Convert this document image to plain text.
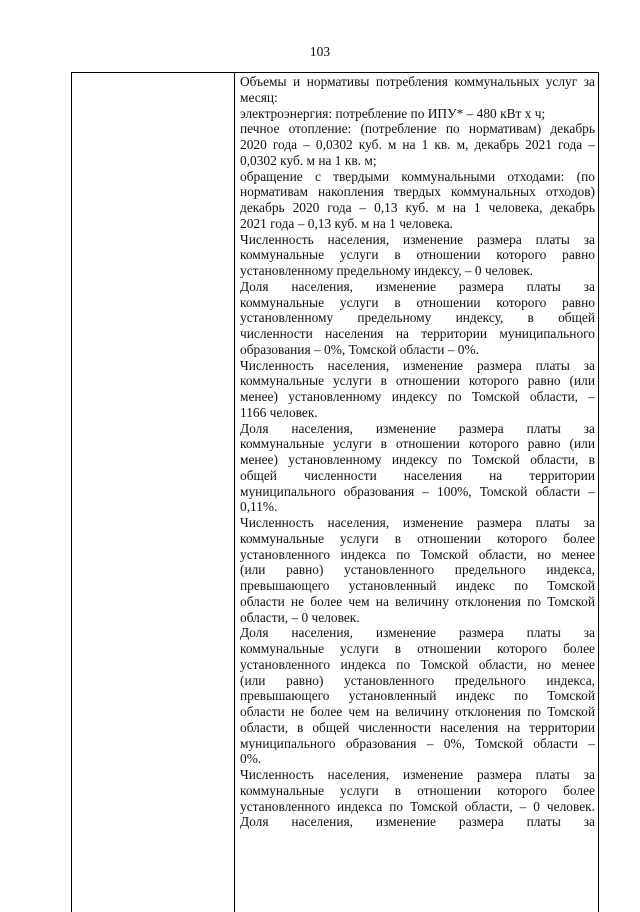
103
Объемы и нормативы потребления коммунальных услуг за
месяц:
электроэнергия: потребление по ИПУ* – 480 кВт х ч;
печное отопление: (потребление по нормативам) декабрь
2020 года – 0,0302 куб. м на 1 кв. м, декабрь 2021 года –
0,0302 куб. м на 1 кв. м;
обращение с твердыми коммунальными отходами: (по
нормативам накопления твердых коммунальных отходов)
декабрь 2020 года – 0,13 куб. м на 1 человека, декабрь
2021 года – 0,13 куб. м на 1 человека.
Численность населения, изменение размера платы за
коммунальные услуги в отношении которого равно
установленному предельному индексу, – 0 человек.
Доля населения, изменение размера платы за
коммунальные услуги в отношении которого равно
установленному предельному индексу, в общей
численности населения на территории муниципального
образования – 0%, Томской области – 0%.
Численность населения, изменение размера платы за
коммунальные услуги в отношении которого равно (или
менее) установленному индексу по Томской области, –
1166 человек.
Доля населения, изменение размера платы за
коммунальные услуги в отношении которого равно (или
менее) установленному индексу по Томской области, в
общей численности населения на территории
муниципального образования – 100%, Томской области –
0,11%.
Численность населения, изменение размера платы за
коммунальные услуги в отношении которого более
установленного индекса по Томской области, но менее
(или равно) установленного предельного индекса,
превышающего установленный индекс по Томской
области не более чем на величину отклонения по Томской
области, – 0 человек.
Доля населения, изменение размера платы за
коммунальные услуги в отношении которого более
установленного индекса по Томской области, но менее
(или равно) установленного предельного индекса,
превышающего установленный индекс по Томской
области не более чем на величину отклонения по Томской
области, в общей численности населения на территории
муниципального образования – 0%, Томской области –
0%.
Численность населения, изменение размера платы за
коммунальные услуги в отношении которого более
установленного индекса по Томской области, – 0 человек.
Доля населения, изменение размера платы за
